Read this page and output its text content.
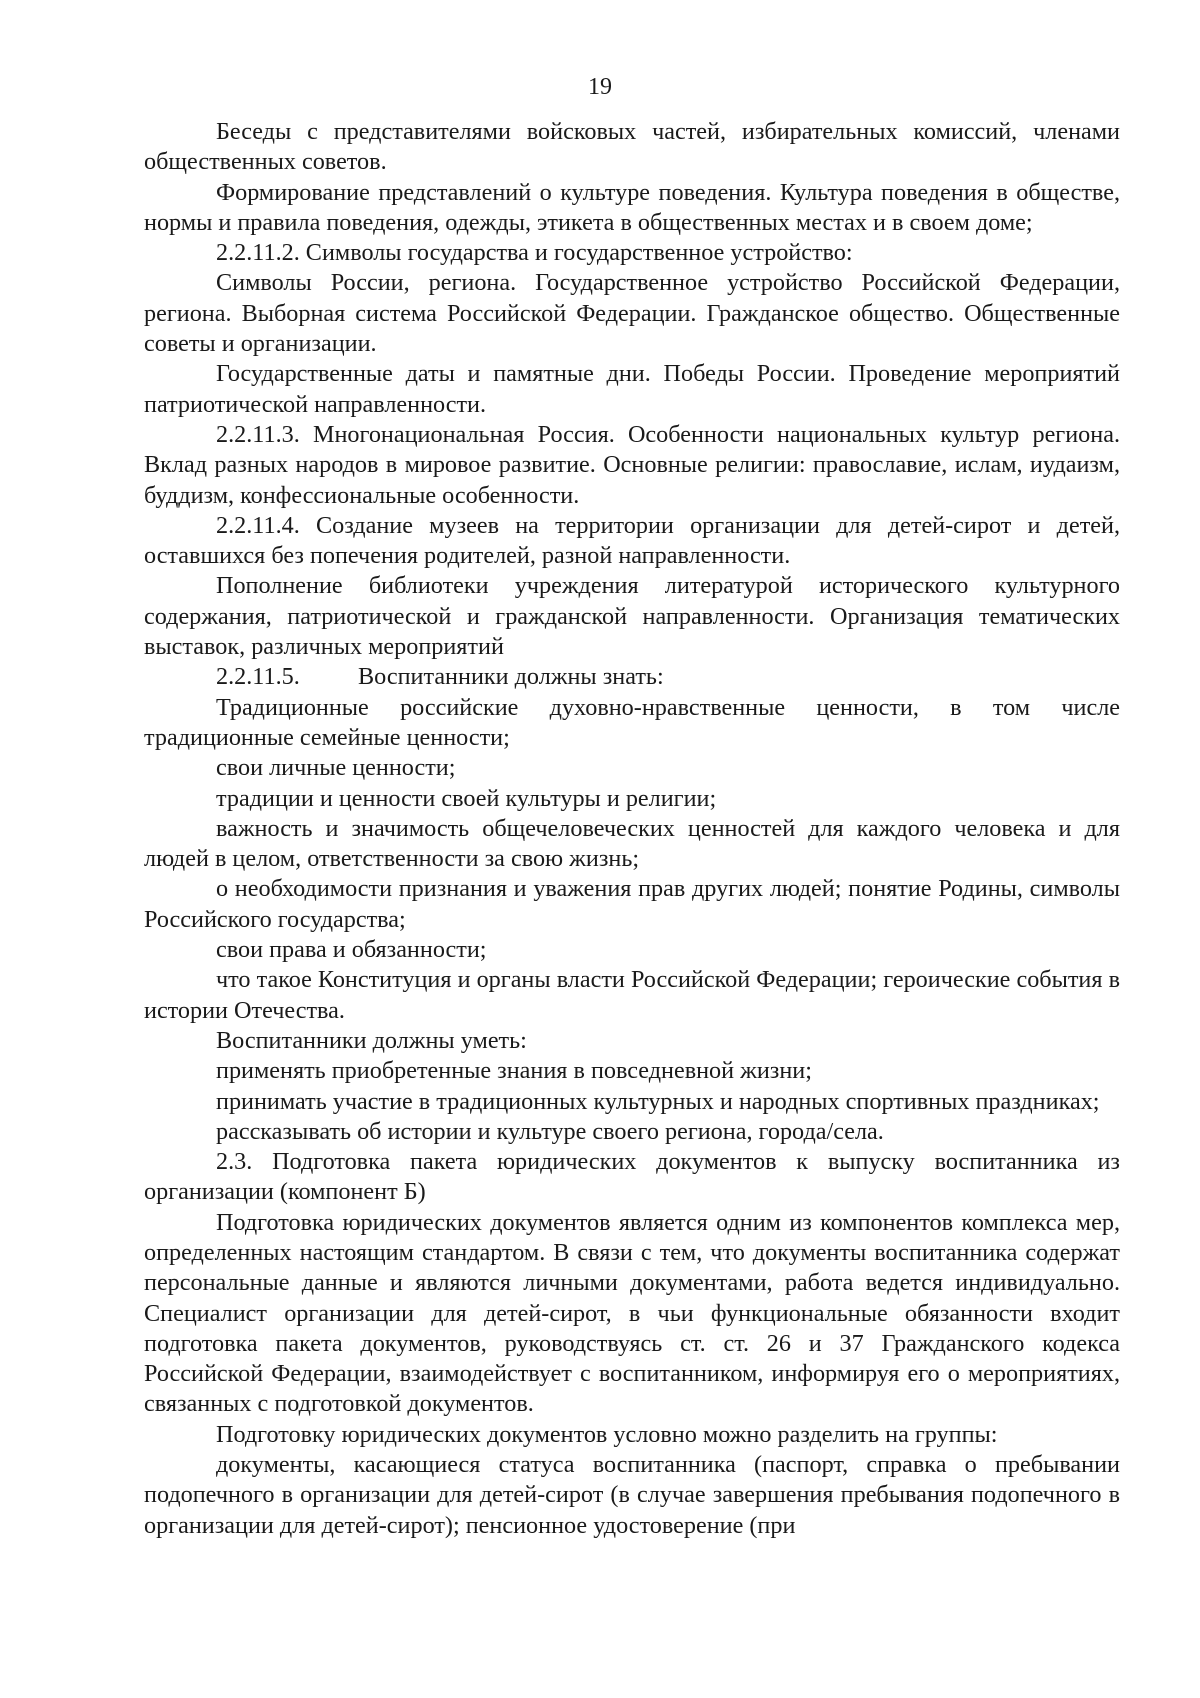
19

Беседы с представителями войсковых частей, избирательных комиссий, членами общественных советов.

Формирование представлений о культуре поведения. Культура поведения в обществе, нормы и правила поведения, одежды, этикета в общественных местах и в своем доме;

2.2.11.2. Символы государства и государственное устройство:

Символы России, региона. Государственное устройство Российской Федерации, региона. Выборная система Российской Федерации. Гражданское общество. Общественные советы и организации.

Государственные даты и памятные дни. Победы России. Проведение мероприятий патриотической направленности.

2.2.11.3. Многонациональная Россия. Особенности национальных культур региона. Вклад разных народов в мировое развитие. Основные религии: православие, ислам, иудаизм, буддизм, конфессиональные особенности.

2.2.11.4. Создание музеев на территории организации для детей-сирот и детей, оставшихся без попечения родителей, разной направленности.

Пополнение библиотеки учреждения литературой исторического культурного содержания, патриотической и гражданской направленности. Организация тематических выставок, различных мероприятий

2.2.11.5. Воспитанники должны знать:

Традиционные российские духовно-нравственные ценности, в том числе традиционные семейные ценности;

свои личные ценности;

традиции и ценности своей культуры и религии;

важность и значимость общечеловеческих ценностей для каждого человека и для людей в целом, ответственности за свою жизнь;

о необходимости признания и уважения прав других людей; понятие Родины, символы Российского государства;

свои права и обязанности;

что такое Конституция и органы власти Российской Федерации; героические события в истории Отечества.

Воспитанники должны уметь:

применять приобретенные знания в повседневной жизни;

принимать участие в традиционных культурных и народных спортивных праздниках;

рассказывать об истории и культуре своего региона, города/села.

2.3. Подготовка пакета юридических документов к выпуску воспитанника из организации (компонент Б)

Подготовка юридических документов является одним из компонентов комплекса мер, определенных настоящим стандартом. В связи с тем, что документы воспитанника содержат персональные данные и являются личными документами, работа ведется индивидуально. Специалист организации для детей-сирот, в чьи функциональные обязанности входит подготовка пакета документов, руководствуясь ст. ст. 26 и 37 Гражданского кодекса Российской Федерации, взаимодействует с воспитанником, информируя его о мероприятиях, связанных с подготовкой документов.

Подготовку юридических документов условно можно разделить на группы:

документы, касающиеся статуса воспитанника (паспорт, справка о пребывании подопечного в организации для детей-сирот (в случае завершения пребывания подопечного в организации для детей-сирот); пенсионное удостоверение (при
